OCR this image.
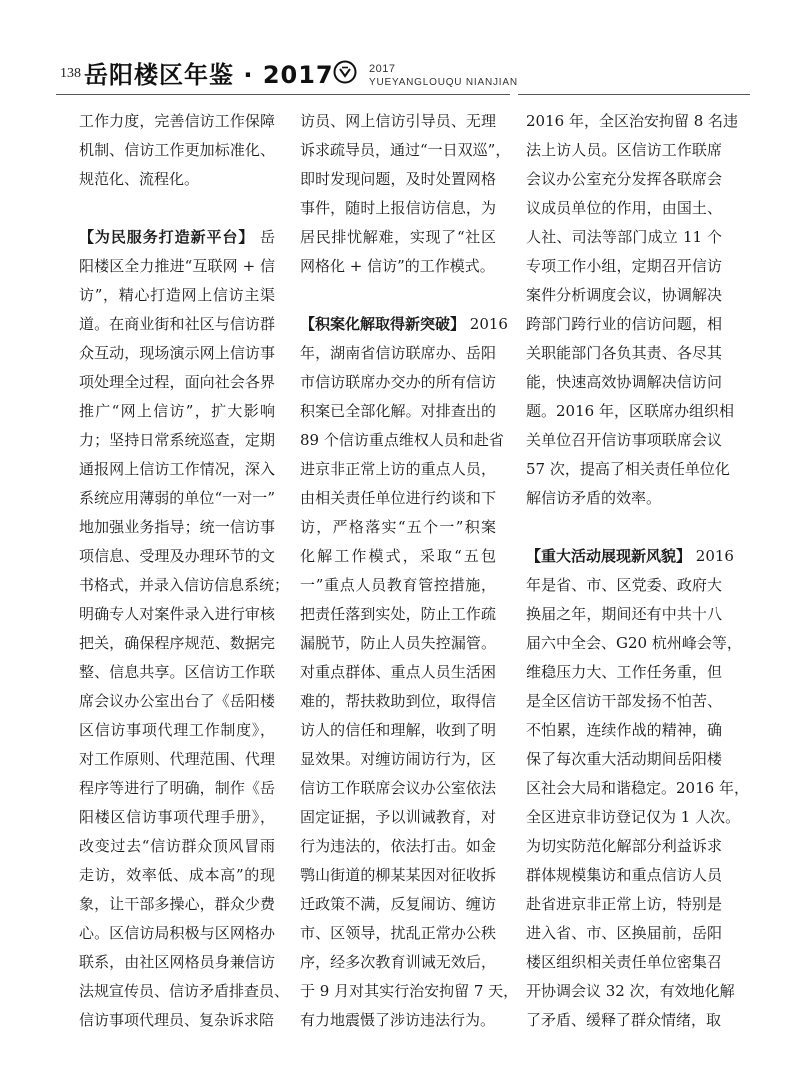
138 岳阳楼区年鉴 · 2017	2017
YUEYANGLOUQU NIANJIAN
工作力度，完善信访工作保障
机制、信访工作更加标准化、
规范化、流程化。
【为民服务打造新平台】 岳
阳楼区全力推进“互联网 + 信
访”，精心打造网上信访主渠
道。在商业街和社区与信访群
众互动，现场演示网上信访事
项处理全过程，面向社会各界
推广“网上信访”，扩大影响
力；坚持日常系统巡查，定期
通报网上信访工作情况，深入
系统应用薄弱的单位“一对一”
地加强业务指导；统一信访事
项信息、受理及办理环节的文
书格式，并录入信访信息系统；
明确专人对案件录入进行审核
把关，确保程序规范、数据完
整、信息共享。区信访工作联
席会议办公室出台了《岳阳楼
区信访事项代理工作制度》，
对工作原则、代理范围、代理
程序等进行了明确，制作《岳
阳楼区信访事项代理手册》，
改变过去“信访群众顶风冒雨
走访，效率低、成本高”的现
象，让干部多操心，群众少费
心。区信访局积极与区网格办
联系，由社区网格员身兼信访
法规宣传员、信访矛盾排查员、
信访事项代理员、复杂诉求陪
访员、网上信访引导员、无理
诉求疏导员，通过“一日双巡”，
即时发现问题，及时处置网格
事件，随时上报信访信息，为
居民排忧解难，实现了“社区
网格化 + 信访”的工作模式。
【积案化解取得新突破】 2016
年，湖南省信访联席办、岳阳
市信访联席办交办的所有信访
积案已全部化解。对排查出的
89 个信访重点维权人员和赴省
进京非正常上访的重点人员，
由相关责任单位进行约谈和下
访，严格落实“五个一”积案
化解工作模式，采取“五包
一”重点人员教育管控措施，
把责任落到实处，防止工作疏
漏脱节，防止人员失控漏管。
对重点群体、重点人员生活困
难的，帮扶救助到位，取得信
访人的信任和理解，收到了明
显效果。对缠访闹访行为，区
信访工作联席会议办公室依法
固定证据，予以训诫教育，对
行为违法的，依法打击。如金
鹗山街道的柳某某因对征收拆
迁政策不满，反复闹访、缠访
市、区领导，扰乱正常办公秩
序，经多次教育训诫无效后，
于 9 月对其实行治安拘留 7 天，
有力地震慑了涉访违法行为。
2016 年，全区治安拘留 8 名违
法上访人员。区信访工作联席
会议办公室充分发挥各联席会
议成员单位的作用，由国土、
人社、司法等部门成立 11 个
专项工作小组，定期召开信访
案件分析调度会议，协调解决
跨部门跨行业的信访问题，相
关职能部门各负其责、各尽其
能，快速高效协调解决信访问
题。2016 年，区联席办组织相
关单位召开信访事项联席会议
57 次，提高了相关责任单位化
解信访矛盾的效率。
【重大活动展现新风貌】 2016
年是省、市、区党委、政府大
换届之年，期间还有中共十八
届六中全会、G20 杭州峰会等，
维稳压力大、工作任务重，但
是全区信访干部发扬不怕苦、
不怕累，连续作战的精神，确
保了每次重大活动期间岳阳楼
区社会大局和谐稳定。2016 年，
全区进京非访登记仅为 1 人次。
为切实防范化解部分利益诉求
群体规模集访和重点信访人员
赴省进京非正常上访，特别是
进入省、市、区换届前，岳阳
楼区组织相关责任单位密集召
开协调会议 32 次，有效地化解
了矛盾、缓释了群众情绪，取
